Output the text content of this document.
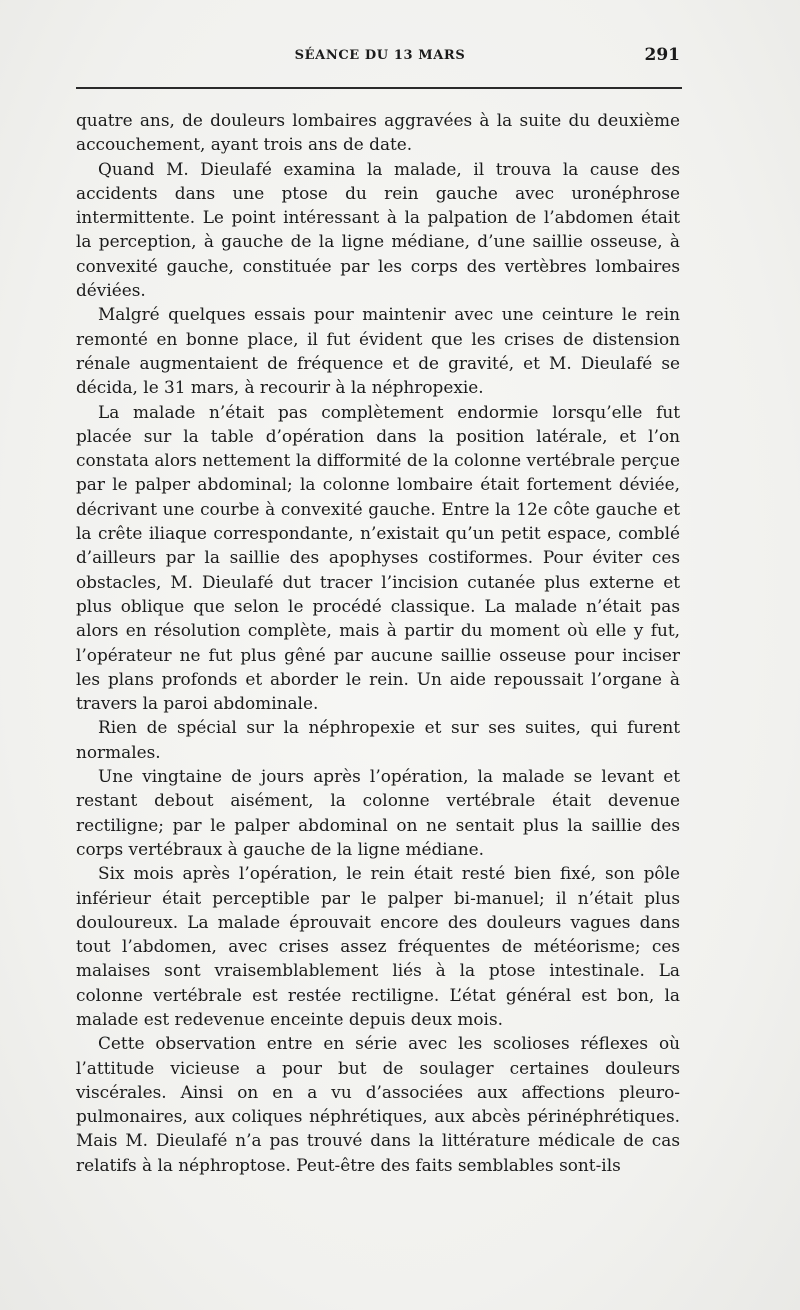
SÉANCE DU 13 MARS	291

quatre ans, de douleurs lombaires aggravées à la suite du deuxième accouchement, ayant trois ans de date.

Quand M. Dieulafé examina la malade, il trouva la cause des accidents dans une ptose du rein gauche avec uronéphrose intermittente. Le point intéressant à la palpation de l’abdomen était la perception, à gauche de la ligne médiane, d’une saillie osseuse, à convexité gauche, constituée par les corps des vertèbres lombaires déviées.

Malgré quelques essais pour maintenir avec une ceinture le rein remonté en bonne place, il fut évident que les crises de distension rénale augmentaient de fréquence et de gravité, et M. Dieulafé se décida, le 31 mars, à recourir à la néphropexie.

La malade n’était pas complètement endormie lorsqu’elle fut placée sur la table d’opération dans la position latérale, et l’on constata alors nettement la difformité de la colonne vertébrale perçue par le palper abdominal; la colonne lombaire était fortement déviée, décrivant une courbe à convexité gauche. Entre la 12e côte gauche et la crête iliaque correspondante, n’existait qu’un petit espace, comblé d’ailleurs par la saillie des apophyses costiformes. Pour éviter ces obstacles, M. Dieulafé dut tracer l’incision cutanée plus externe et plus oblique que selon le procédé classique. La malade n’était pas alors en résolution complète, mais à partir du moment où elle y fut, l’opérateur ne fut plus gêné par aucune saillie osseuse pour inciser les plans profonds et aborder le rein. Un aide repoussait l’organe à travers la paroi abdominale.

Rien de spécial sur la néphropexie et sur ses suites, qui furent normales.

Une vingtaine de jours après l’opération, la malade se levant et restant debout aisément, la colonne vertébrale était devenue rectiligne; par le palper abdominal on ne sentait plus la saillie des corps vertébraux à gauche de la ligne médiane.

Six mois après l’opération, le rein était resté bien fixé, son pôle inférieur était perceptible par le palper bi-manuel; il n’était plus douloureux. La malade éprouvait encore des douleurs vagues dans tout l’abdomen, avec crises assez fréquentes de météorisme; ces malaises sont vraisemblablement liés à la ptose intestinale. La colonne vertébrale est restée rectiligne. L’état général est bon, la malade est redevenue enceinte depuis deux mois.

Cette observation entre en série avec les scolioses réflexes où l’attitude vicieuse a pour but de soulager certaines douleurs viscérales. Ainsi on en a vu d’associées aux affections pleuro-pulmonaires, aux coliques néphrétiques, aux abcès périnéphrétiques. Mais M. Dieulafé n’a pas trouvé dans la littérature médicale de cas relatifs à la néphroptose. Peut-être des faits semblables sont-ils
